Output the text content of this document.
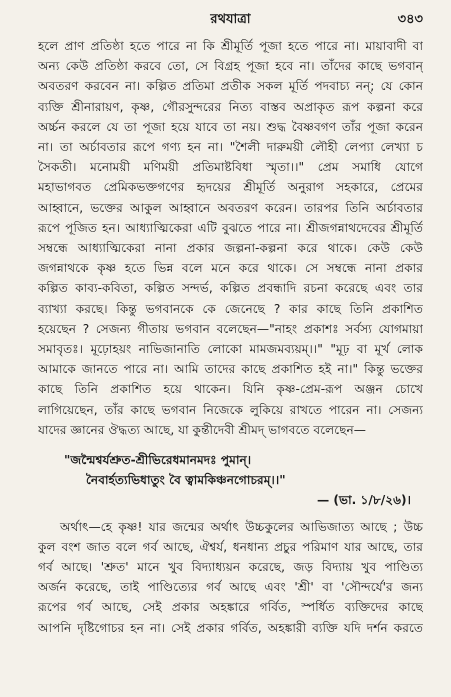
রথযাত্রা	৩৪৩
হলে প্রাণ প্রতিষ্ঠা হতে পারে না কি শ্রীমূর্তি পূজা হতে পারে না। মায়াবাদী বা
অন্য কেউ প্রতিষ্ঠা করবে তো, সে বিগ্রহ পূজা হবে না। তাঁদের কাছে ভগবান্
অবতরণ করবেন না। কল্পিত প্রতিমা প্রতীক সকল মূর্তি পদবাচ্য নন্; যে কোন
ব্যক্তি শ্রীনারায়ণ, কৃষ্ণ, গৌরসুন্দরের নিত্য বাস্তব অপ্রাকৃত রূপ কল্পনা করে
অর্চ্চন করলে যে তা পূজা হয়ে যাবে তা নয়। শুদ্ধ বৈষ্ণবগণ তাঁর পূজা করেন
না। তা অর্চাবতার রূপে গণ্য হন না। "শৈলী দারুময়ী লৌহী লেপ্যা লেখ্যা চ
সৈকতী। মনোময়ী মণিময়ী প্রতিমাষ্টবিধা স্মৃতা।।" প্রেম সমাধি যোগে
মহাভাগবত প্রেমিকভক্তগণের হৃদয়ের শ্রীমূর্তি অনুরাগ সহকারে, প্রেমের
আহ্বানে, ভক্তের আকুল আহ্বানে অবতরণ করেন। তারপর তিনি অর্চাবতার
রূপে পূজিত হন। আধ্যাত্মিকেরা এটি বুঝতে পারে না। শ্রীজগন্নাথদেবের শ্রীমূর্তি
সম্বন্ধে আধ্যাত্মিকেরা নানা প্রকার জল্পনা-কল্পনা করে থাকে। কেউ কেউ
জগন্নাথকে কৃষ্ণ হতে ভিন্ন বলে মনে করে থাকে। সে সম্বন্ধে নানা প্রকার
কল্পিত কাব্য-কবিতা, কল্পিত সন্দর্ভ, কল্পিত প্রবন্ধাদি রচনা করেছে এবং তার
ব্যাখ্যা করছে। কিন্তু ভগবানকে কে জেনেছে ? কার কাছে তিনি প্রকাশিত
হয়েছেন ? সেজন্য গীতায় ভগবান বলেছেন—"নাহং প্রকাশঃ সর্বস্য যোগমায়া
সমাবৃতঃ। মূঢ়োহয়ং নাভিজানাতি লোকো মামজমব্যয়ম্।।" "মূঢ় বা মূর্খ লোক
আমাকে জানতে পারে না। আমি তাদের কাছে প্রকাশিত হই না।" কিন্তু ভক্তের
কাছে তিনি প্রকাশিত হয়ে থাকেন। যিনি কৃষ্ণ-প্রেম-রূপ অঞ্জন চোখে
লাগিয়েছেন, তাঁর কাছে ভগবান নিজেকে লুকিয়ে রাখতে পারেন না। সেজন্য
যাদের জ্ঞানের ঔদ্ধত্য আছে, যা কুন্তীদেবী শ্রীমদ্ ভাগবতে বলেছেন—
"জন্মৈশ্বর্যশ্রুত-শ্রীভিরেধমানমদঃ পুমান্।
নৈবার্হত্যভিধাতুং বৈ ত্বামকিঞ্চনগোচরম্।।"
— (ভা. ১/৮/২৬)।
অর্থাৎ—হে কৃষ্ণ! যার জন্মের অর্থাৎ উচ্চকুলের আভিজাত্য আছে ; উচ্চ
কুল বংশ জাত বলে গর্ব আছে, ঐশ্বর্য, ধনধান্য প্রচুর পরিমাণ যার আছে, তার
গর্ব আছে। 'শ্রুত' মানে খুব বিদ্যাধ্যয়ন করেছে, জড় বিদ্যায় খুব পাণ্ডিত্য
অর্জন করেছে, তাই পাণ্ডিত্যের গর্ব আছে এবং 'শ্রী' বা 'সৌন্দর্যে'র জন্য
রূপের গর্ব আছে, সেই প্রকার অহঙ্কারে গর্বিত, স্পর্ধিত ব্যক্তিদের কাছে
আপনি দৃষ্টিগোচর হন না। সেই প্রকার গর্বিত, অহঙ্কারী ব্যক্তি যদি দর্শন করতে
